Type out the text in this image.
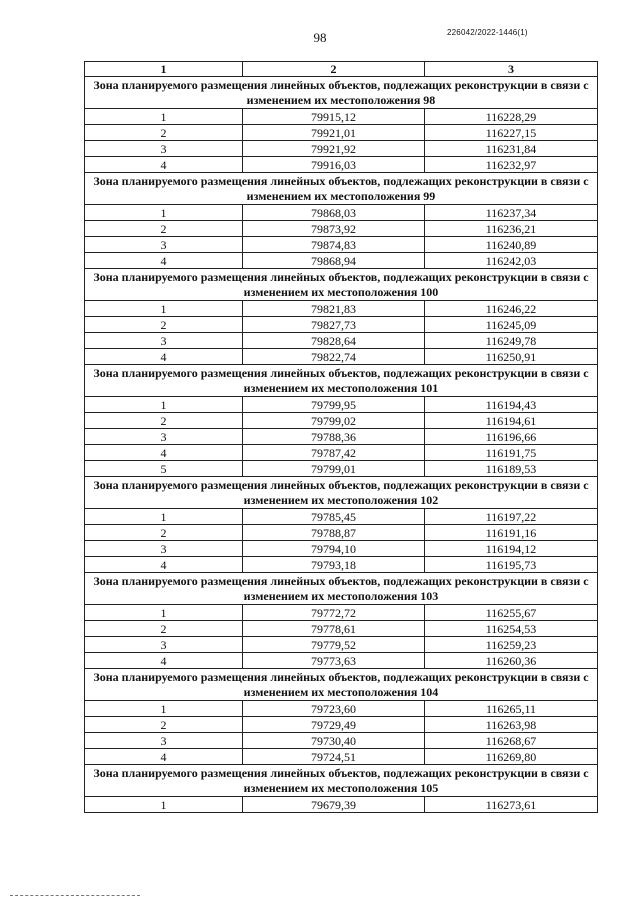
98	226042/2022-1446(1)
1	2	3
Зона планируемого размещения линейных объектов, подлежащих реконструкции в связи с изменением их местоположения 98		
1	79915,12	116228,29
2	79921,01	116227,15
3	79921,92	116231,84
4	79916,03	116232,97
Зона планируемого размещения линейных объектов, подлежащих реконструкции в связи с изменением их местоположения 99		
1	79868,03	116237,34
2	79873,92	116236,21
3	79874,83	116240,89
4	79868,94	116242,03
Зона планируемого размещения линейных объектов, подлежащих реконструкции в связи с изменением их местоположения 100		
1	79821,83	116246,22
2	79827,73	116245,09
3	79828,64	116249,78
4	79822,74	116250,91
Зона планируемого размещения линейных объектов, подлежащих реконструкции в связи с изменением их местоположения 101		
1	79799,95	116194,43
2	79799,02	116194,61
3	79788,36	116196,66
4	79787,42	116191,75
5	79799,01	116189,53
Зона планируемого размещения линейных объектов, подлежащих реконструкции в связи с изменением их местоположения 102		
1	79785,45	116197,22
2	79788,87	116191,16
3	79794,10	116194,12
4	79793,18	116195,73
Зона планируемого размещения линейных объектов, подлежащих реконструкции в связи с изменением их местоположения 103		
1	79772,72	116255,67
2	79778,61	116254,53
3	79779,52	116259,23
4	79773,63	116260,36
Зона планируемого размещения линейных объектов, подлежащих реконструкции в связи с изменением их местоположения 104		
1	79723,60	116265,11
2	79729,49	116263,98
3	79730,40	116268,67
4	79724,51	116269,80
Зона планируемого размещения линейных объектов, подлежащих реконструкции в связи с изменением их местоположения 105		
1	79679,39	116273,61
